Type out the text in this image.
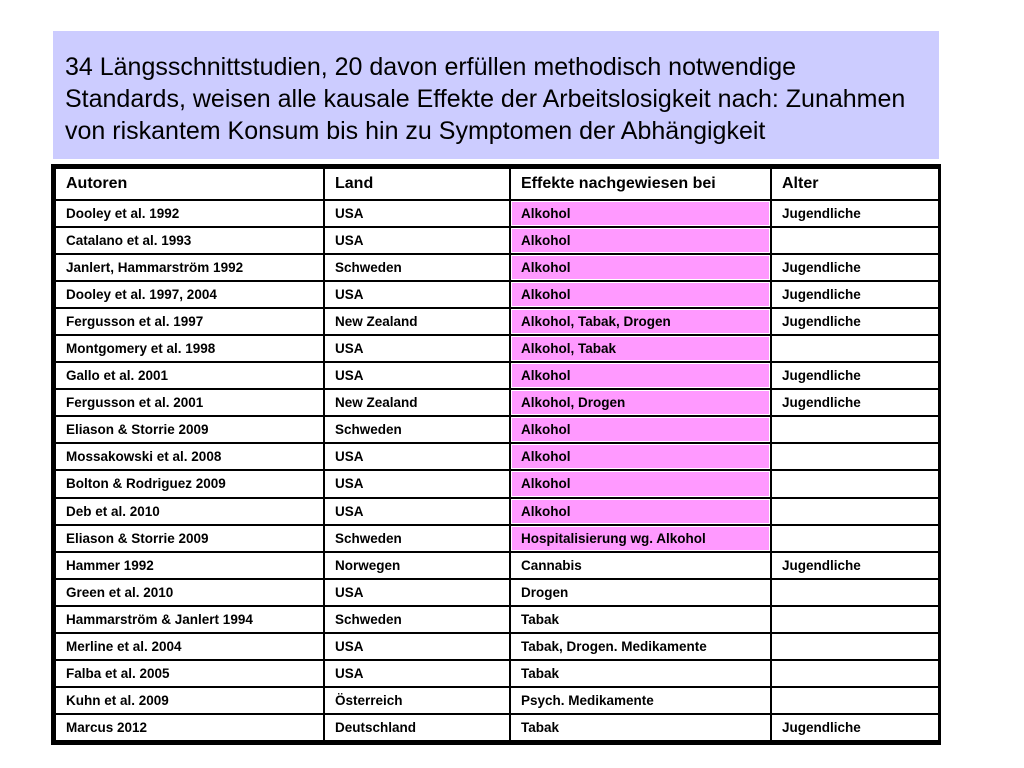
34 Längsschnittstudien, 20 davon erfüllen methodisch notwendige
Standards, weisen alle kausale Effekte der Arbeitslosigkeit nach: Zunahmen
von riskantem Konsum bis hin zu Symptomen der Abhängigkeit
Autoren	Land	Effekte nachgewiesen bei	Alter
Dooley et al. 1992	USA	Alkohol	Jugendliche
Catalano et al. 1993	USA	Alkohol	
Janlert, Hammarström 1992	Schweden	Alkohol	Jugendliche
Dooley et al. 1997, 2004	USA	Alkohol	Jugendliche
Fergusson et al. 1997	New Zealand	Alkohol, Tabak, Drogen	Jugendliche
Montgomery et al. 1998	USA	Alkohol, Tabak	
Gallo et al. 2001	USA	Alkohol	Jugendliche
Fergusson et al. 2001	New Zealand	Alkohol, Drogen	Jugendliche
Eliason & Storrie 2009	Schweden	Alkohol	
Mossakowski et al. 2008	USA	Alkohol	
Bolton & Rodriguez 2009	USA	Alkohol	
Deb et al. 2010	USA	Alkohol	
Eliason & Storrie 2009	Schweden	Hospitalisierung wg. Alkohol	
Hammer 1992	Norwegen	Cannabis	Jugendliche
Green et al. 2010	USA	Drogen	
Hammarström & Janlert 1994	Schweden	Tabak	
Merline et al. 2004	USA	Tabak, Drogen. Medikamente	
Falba et al. 2005	USA	Tabak	
Kuhn et al. 2009	Österreich	Psych. Medikamente	
Marcus 2012	Deutschland	Tabak	Jugendliche
